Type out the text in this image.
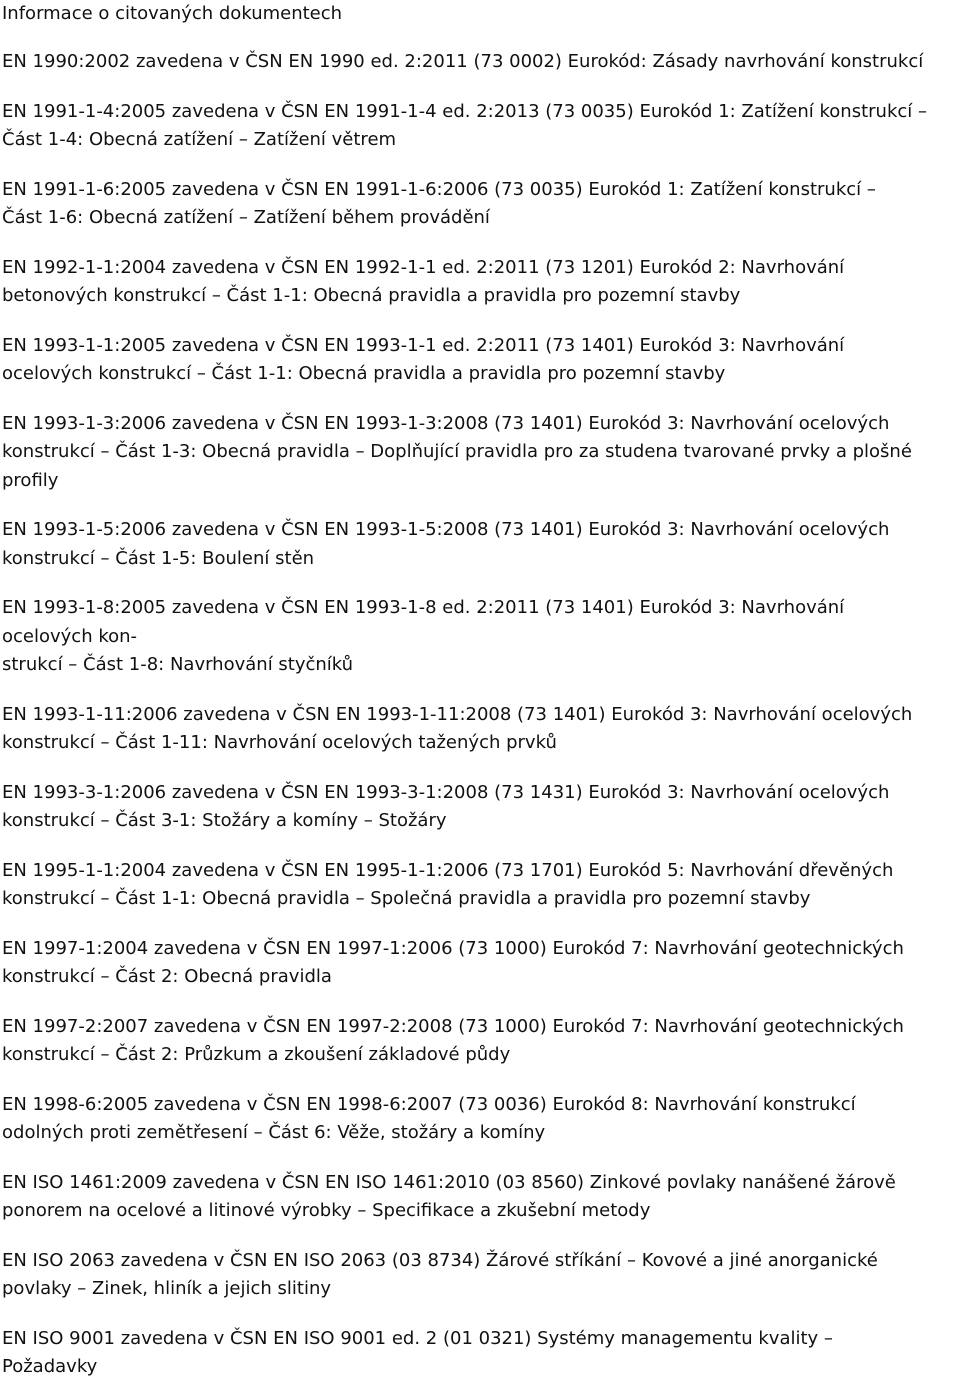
Informace o citovaných dokumentech

EN 1990:2002 zavedena v ČSN EN 1990 ed. 2:2011 (73 0002) Eurokód: Zásady navrhování konstrukcí

EN 1991-1-4:2005 zavedena v ČSN EN 1991-1-4 ed. 2:2013 (73 0035) Eurokód 1: Zatížení konstrukcí –
Část 1-4: Obecná zatížení – Zatížení větrem

EN 1991-1-6:2005 zavedena v ČSN EN 1991-1-6:2006 (73 0035) Eurokód 1: Zatížení konstrukcí –
Část 1-6: Obecná zatížení – Zatížení během provádění

EN 1992-1-1:2004 zavedena v ČSN EN 1992-1-1 ed. 2:2011 (73 1201) Eurokód 2: Navrhování
betonových konstrukcí – Část 1-1: Obecná pravidla a pravidla pro pozemní stavby

EN 1993-1-1:2005 zavedena v ČSN EN 1993-1-1 ed. 2:2011 (73 1401) Eurokód 3: Navrhování
ocelových konstrukcí – Část 1-1: Obecná pravidla a pravidla pro pozemní stavby

EN 1993-1-3:2006 zavedena v ČSN EN 1993-1-3:2008 (73 1401) Eurokód 3: Navrhování ocelových
konstrukcí – Část 1-3: Obecná pravidla – Doplňující pravidla pro za studena tvarované prvky a plošné
profily

EN 1993-1-5:2006 zavedena v ČSN EN 1993-1-5:2008 (73 1401) Eurokód 3: Navrhování ocelových
konstrukcí – Část 1-5: Boulení stěn

EN 1993-1-8:2005 zavedena v ČSN EN 1993-1-8 ed. 2:2011 (73 1401) Eurokód 3: Navrhování
ocelových kon-
strukcí – Část 1-8: Navrhování styčníků

EN 1993-1-11:2006 zavedena v ČSN EN 1993-1-11:2008 (73 1401) Eurokód 3: Navrhování ocelových
konstrukcí – Část 1-11: Navrhování ocelových tažených prvků

EN 1993-3-1:2006 zavedena v ČSN EN 1993-3-1:2008 (73 1431) Eurokód 3: Navrhování ocelových
konstrukcí – Část 3-1: Stožáry a komíny – Stožáry

EN 1995-1-1:2004 zavedena v ČSN EN 1995-1-1:2006 (73 1701) Eurokód 5: Navrhování dřevěných
konstrukcí – Část 1-1: Obecná pravidla – Společná pravidla a pravidla pro pozemní stavby

EN 1997-1:2004 zavedena v ČSN EN 1997-1:2006 (73 1000) Eurokód 7: Navrhování geotechnických
konstrukcí – Část 2: Obecná pravidla

EN 1997-2:2007 zavedena v ČSN EN 1997-2:2008 (73 1000) Eurokód 7: Navrhování geotechnických
konstrukcí – Část 2: Průzkum a zkoušení základové půdy

EN 1998-6:2005 zavedena v ČSN EN 1998-6:2007 (73 0036) Eurokód 8: Navrhování konstrukcí
odolných proti zemětřesení – Část 6: Věže, stožáry a komíny

EN ISO 1461:2009 zavedena v ČSN EN ISO 1461:2010 (03 8560) Zinkové povlaky nanášené žárově
ponorem na ocelové a litinové výrobky – Specifikace a zkušební metody

EN ISO 2063 zavedena v ČSN EN ISO 2063 (03 8734) Žárové stříkání – Kovové a jiné anorganické
povlaky – Zinek, hliník a jejich slitiny

EN ISO 9001 zavedena v ČSN EN ISO 9001 ed. 2 (01 0321) Systémy managementu kvality –
Požadavky
